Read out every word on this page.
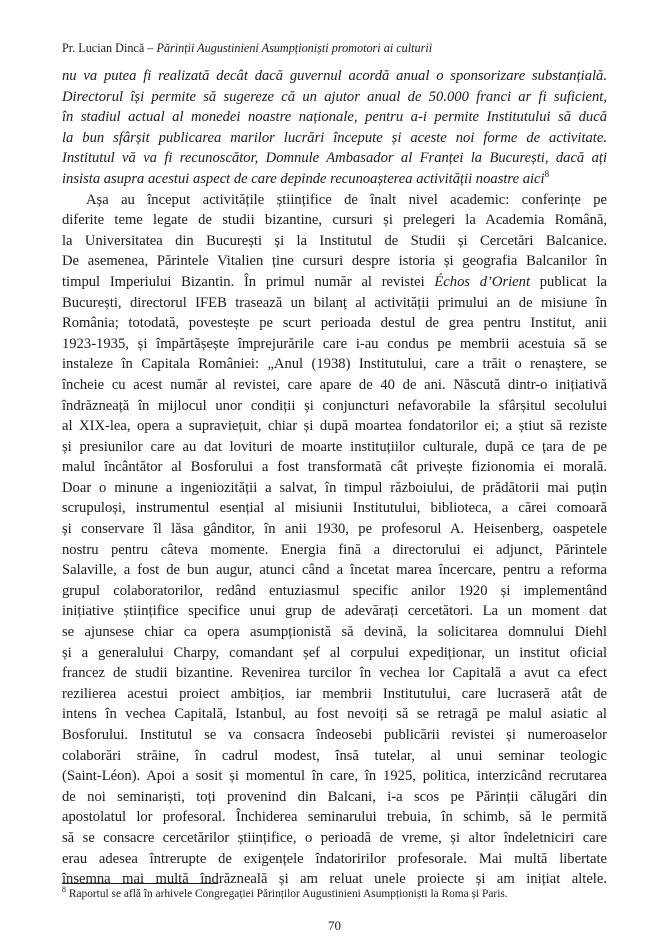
Pr. Lucian Dincă – Părinții Augustinieni Asumpționiști promotori ai culturii
nu va putea fi realizată decât dacă guvernul acordă anual o sponsorizare substanțială.
Directorul își permite să sugereze că un ajutor anual de 50.000 franci ar fi suficient,
în stadiul actual al monedei noastre naționale, pentru a-i permite Institutului să ducă
la bun sfârșit publicarea marilor lucrări începute și aceste noi forme de activitate.
Institutul vă va fi recunoscător, Domnule Ambasador al Franței la București, dacă ați
insista asupra acestui aspect de care depinde recunoașterea activității noastre aici$^8$
Așa au început activitățile științifice de înalt nivel academic: conferințe pe
diferite teme legate de studii bizantine, cursuri și prelegeri la Academia Română,
la Universitatea din București și la Institutul de Studii și Cercetări Balcanice.
De asemenea, Părintele Vitalien ține cursuri despre istoria și geografia Balcanilor în
timpul Imperiului Bizantin. În primul număr al revistei Échos d’Orient publicat la
București, directorul IFEB trasează un bilanț al activității primului an de misiune în
România; totodată, povestește pe scurt perioada destul de grea pentru Institut, anii
1923-1935, și împărtășește împrejurările care i-au condus pe membrii acestuia să se
instaleze în Capitala României: „Anul (1938) Institutului, care a trăit o renaștere, se
încheie cu acest număr al revistei, care apare de 40 de ani. Născută dintr-o inițiativă
îndrăzneață în mijlocul unor condiții și conjuncturi nefavorabile la sfârșitul secolului
al XIX-lea, opera a supraviețuit, chiar și după moartea fondatorilor ei; a știut să reziste
și presiunilor care au dat lovituri de moarte instituțiilor culturale, după ce țara de pe
malul încântător al Bosforului a fost transformată cât privește fizionomia ei morală.
Doar o minune a ingeniozității a salvat, în timpul războiului, de prădătorii mai puțin
scrupuloși, instrumentul esențial al misiunii Institutului, biblioteca, a cărei comoară
și conservare îl lăsa gânditor, în anii 1930, pe profesorul A. Heisenberg, oaspetele
nostru pentru câteva momente. Energia fină a directorului ei adjunct, Părintele
Salaville, a fost de bun augur, atunci când a încetat marea încercare, pentru a reforma
grupul colaboratorilor, redând entuziasmul specific anilor 1920 și implementând
inițiative științifice specifice unui grup de adevărați cercetători. La un moment dat
se ajunsese chiar ca opera asumpționistă să devină, la solicitarea domnului Diehl
și a generalului Charpy, comandant șef al corpului expediționar, un institut oficial
francez de studii bizantine. Revenirea turcilor în vechea lor Capitală a avut ca efect
rezilierea acestui proiect ambițios, iar membrii Institutului, care lucraseră atât de
intens în vechea Capitală, Istanbul, au fost nevoiți să se retragă pe malul asiatic al
Bosforului. Institutul se va consacra îndeosebi publicării revistei și numeroaselor
colaborări străine, în cadrul modest, însă tutelar, al unui seminar teologic
(Saint-Léon). Apoi a sosit și momentul în care, în 1925, politica, interzicând recrutarea
de noi seminariști, toți provenind din Balcani, i-a scos pe Părinții călugări din
apostolatul lor profesoral. Închiderea seminarului trebuia, în schimb, să le permită
să se consacre cercetărilor științifice, o perioadă de vreme, și altor îndeletniciri care
erau adesea întrerupte de exigențele îndatoririlor profesorale. Mai multă libertate
însemna mai multă îndrăzneală și am reluat unele proiecte și am inițiat altele.
$^8$ Raportul se află în arhivele Congregației Părinților Augustinieni Asumpționiști la Roma și Paris.
70
